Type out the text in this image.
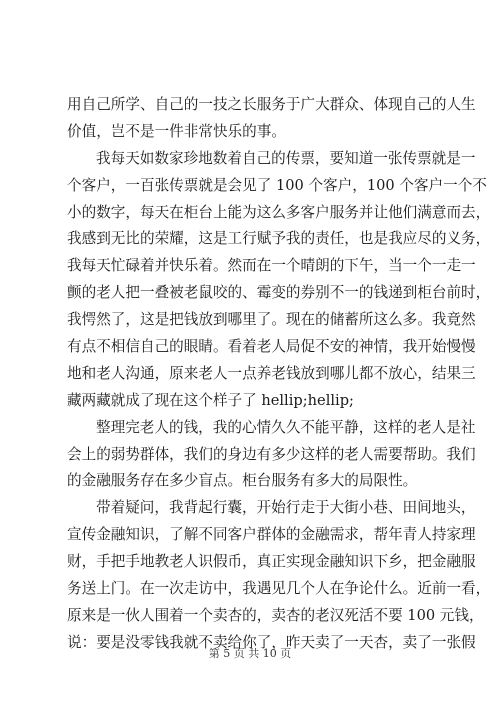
用自己所学、自己的一技之长服务于广大群众、体现自己的人生
价值，岂不是一件非常快乐的事。

我每天如数家珍地数着自己的传票，要知道一张传票就是一
个客户，一百张传票就是会见了 100 个客户，100 个客户一个不
小的数字，每天在柜台上能为这么多客户服务并让他们满意而去，
我感到无比的荣耀，这是工行赋予我的责任，也是我应尽的义务，
我每天忙碌着并快乐着。然而在一个晴朗的下午，当一个一走一
颤的老人把一叠被老鼠咬的、霉变的券别不一的钱递到柜台前时，
我愕然了，这是把钱放到哪里了。现在的储蓄所这么多。我竟然
有点不相信自己的眼睛。看着老人局促不安的神情，我开始慢慢
地和老人沟通，原来老人一点养老钱放到哪儿都不放心，结果三
藏两藏就成了现在这个样子了 hellip;hellip;

整理完老人的钱，我的心情久久不能平静，这样的老人是社
会上的弱势群体，我们的身边有多少这样的老人需要帮助。我们
的金融服务存在多少盲点。柜台服务有多大的局限性。

带着疑问，我背起行囊，开始行走于大街小巷、田间地头，
宣传金融知识，了解不同客户群体的金融需求，帮年青人持家理
财，手把手地教老人识假币，真正实现金融知识下乡，把金融服
务送上门。在一次走访中，我遇见几个人在争论什么。近前一看，
原来是一伙人围着一个卖杏的，卖杏的老汉死活不要 100 元钱，
说：要是没零钱我就不卖给你了，昨天卖了一天杏，卖了一张假

第 5 页 共 10 页
